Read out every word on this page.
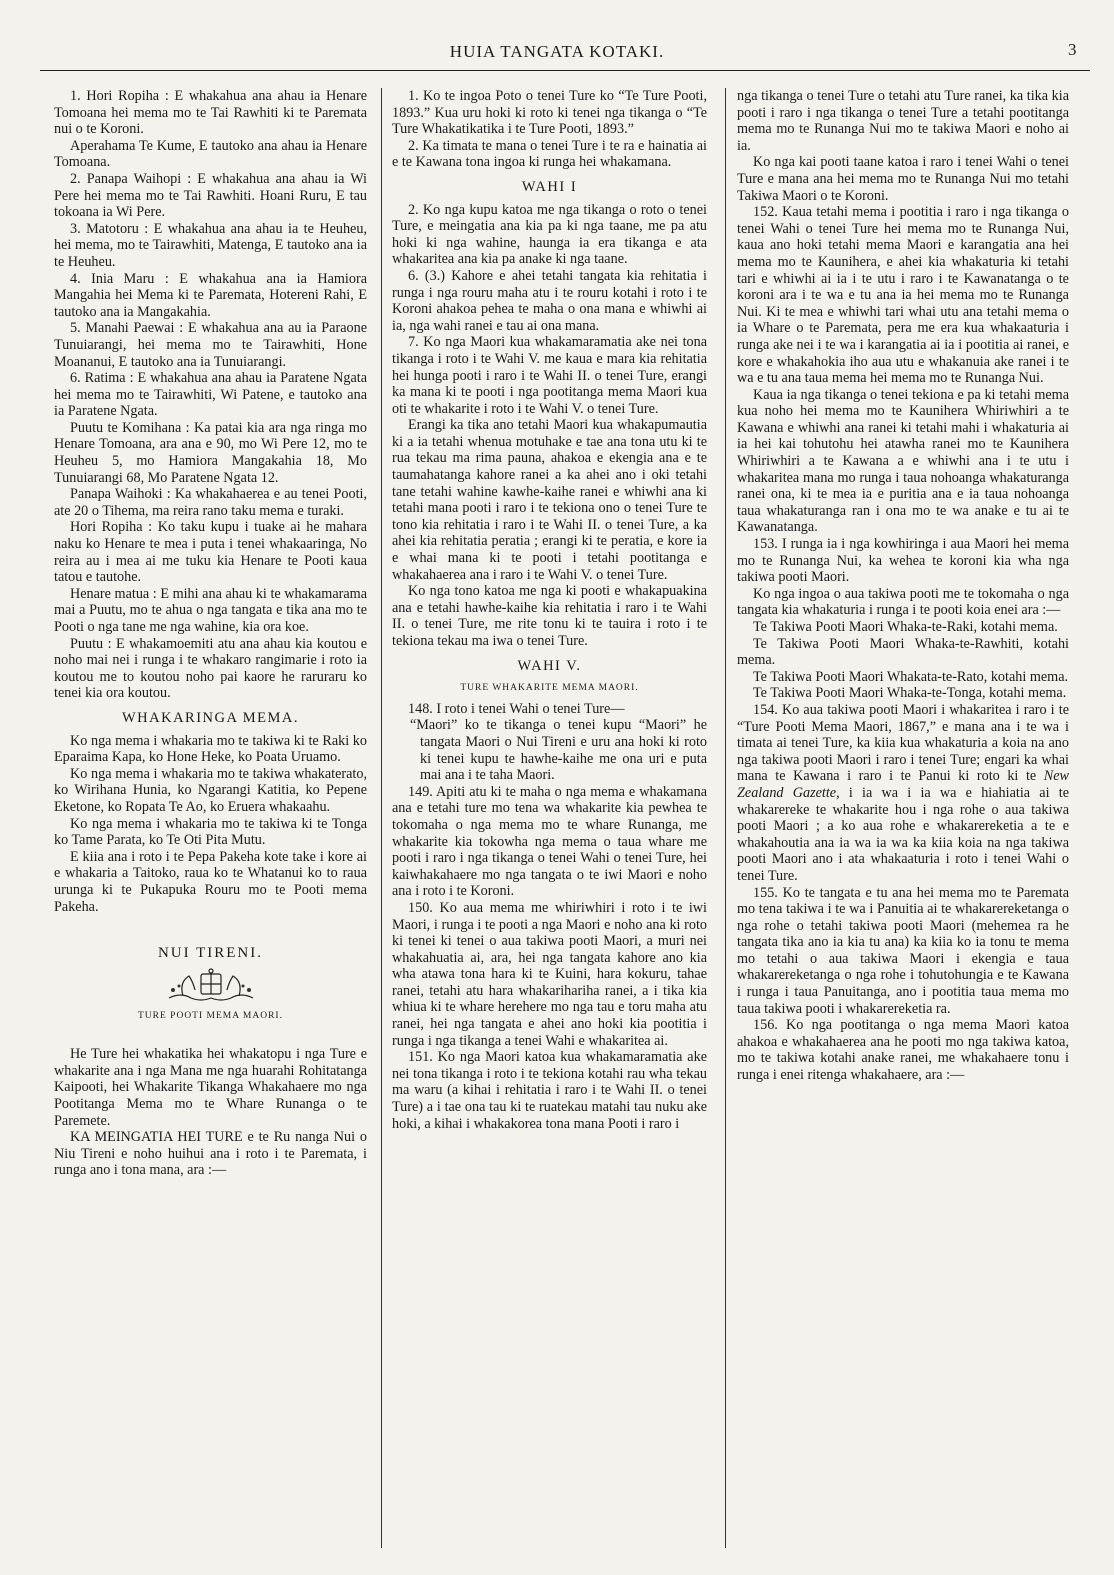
HUIA TANGATA KOTAKI.	3

1. Hori Ropiha : E whakahua ana ahau ia Henare Tomoana hei mema mo te Tai Rawhiti ki te Paremata nui o te Koroni.

Aperahama Te Kume, E tautoko ana ahau ia Henare Tomoana.

2. Panapa Waihopi : E whakahua ana ahau ia Wi Pere hei mema mo te Tai Rawhiti. Hoani Ruru, E tau tokoana ia Wi Pere.

3. Matotoru : E whakahua ana ahau ia te Heuheu, hei mema, mo te Tairawhiti, Matenga, E tautoko ana ia te Heuheu.

4. Inia Maru : E whakahua ana ia Hamiora Mangahia hei Mema ki te Paremata, Hotereni Rahi, E tautoko ana ia Mangakahia.

5. Manahi Paewai : E whakahua ana au ia Paraone Tunuiarangi, hei mema mo te Tairawhiti, Hone Moananui, E tautoko ana ia Tunuiarangi.

6. Ratima : E whakahua ana ahau ia Paratene Ngata hei mema mo te Tairawhiti, Wi Patene, e tautoko ana ia Paratene Ngata.

Puutu te Komihana : Ka patai kia ara nga ringa mo Henare Tomoana, ara ana e 90, mo Wi Pere 12, mo te Heuheu 5, mo Hamiora Mangakahia 18, Mo Tunuiarangi 68, Mo Paratene Ngata 12.

Panapa Waihoki : Ka whakahaerea e au tenei Pooti, ate 20 o Tihema, ma reira rano taku mema e turaki.

Hori Ropiha : Ko taku kupu i tuake ai he mahara naku ko Henare te mea i puta i tenei whakaaringa, No reira au i mea ai me tuku kia Henare te Pooti kaua tatou e tautohe.

Henare matua : E mihi ana ahau ki te whakamarama mai a Puutu, mo te ahua o nga tangata e tika ana mo te Pooti o nga tane me nga wahine, kia ora koe.

Puutu : E whakamoemiti atu ana ahau kia koutou e noho mai nei i runga i te whakaro rangimarie i roto ia koutou me to koutou noho pai kaore he raruraru ko tenei kia ora koutou.

WHAKARINGA MEMA.

Ko nga mema i whakaria mo te takiwa ki te Raki ko Eparaima Kapa, ko Hone Heke, ko Poata Uruamo.

Ko nga mema i whakaria mo te takiwa whakaterato, ko Wirihana Hunia, ko Ngarangi Katitia, ko Pepene Eketone, ko Ropata Te Ao, ko Eruera whakaahu.

Ko nga mema i whakaria mo te takiwa ki te Tonga ko Tame Parata, ko Te Oti Pita Mutu.

E kiia ana i roto i te Pepa Pakeha kote take i kore ai e whakaria a Taitoko, raua ko te Whatanui ko to raua urunga ki te Pukapuka Rouru mo te Pooti mema Pakeha.

NUI TIRENI.

TURE POOTI MEMA MAORI.

He Ture hei whakatika hei whakatopu i nga Ture e whakarite ana i nga Mana me nga huarahi Rohitatanga Kaipooti, hei Whakarite Tikanga Whakahaere mo nga Pootitanga Mema mo te Whare Runanga o te Paremete.

KA MEINGATIA HEI TURE e te Ru nanga Nui o Niu Tireni e noho huihui ana i roto i te Paremata, i runga ano i tona mana, ara :—

1. Ko te ingoa Poto o tenei Ture ko “Te Ture Pooti, 1893.” Kua uru hoki ki roto ki tenei nga tikanga o “Te Ture Whakatikatika i te Ture Pooti, 1893.”

2. Ka timata te mana o tenei Ture i te ra e hainatia ai e te Kawana tona ingoa ki runga hei whakamana.

WAHI I

2. Ko nga kupu katoa me nga tikanga o roto o tenei Ture, e meingatia ana kia pa ki nga taane, me pa atu hoki ki nga wahine, haunga ia era tikanga e ata whakaritea ana kia pa anake ki nga taane.

6. (3.) Kahore e ahei tetahi tangata kia rehitatia i runga i nga rouru maha atu i te rouru kotahi i roto i te Koroni ahakoa pehea te maha o ona mana e whiwhi ai ia, nga wahi ranei e tau ai ona mana.

7. Ko nga Maori kua whakamaramatia ake nei tona tikanga i roto i te Wahi V. me kaua e mara kia rehitatia hei hunga pooti i raro i te Wahi II. o tenei Ture, erangi ka mana ki te pooti i nga pootitanga mema Maori kua oti te whakarite i roto i te Wahi V. o tenei Ture.

Erangi ka tika ano tetahi Maori kua whakapumautia ki a ia tetahi whenua motuhake e tae ana tona utu ki te rua tekau ma rima pauna, ahakoa e ekengia ana e te taumahatanga kahore ranei a ka ahei ano i oki tetahi tane tetahi wahine kawhe-kaihe ranei e whiwhi ana ki tetahi mana pooti i raro i te tekiona ono o tenei Ture te tono kia rehitatia i raro i te Wahi II. o tenei Ture, a ka ahei kia rehitatia peratia ; erangi ki te peratia, e kore ia e whai mana ki te pooti i tetahi pootitanga e whakahaerea ana i raro i te Wahi V. o tenei Ture.

Ko nga tono katoa me nga ki pooti e whakapuakina ana e tetahi hawhe-kaihe kia rehitatia i raro i te Wahi II. o tenei Ture, me rite tonu ki te tauira i roto i te tekiona tekau ma iwa o tenei Ture.

WAHI V.

TURE WHAKARITE MEMA MAORI.

148. I roto i tenei Wahi o tenei Ture—

“Maori” ko te tikanga o tenei kupu “Maori” he tangata Maori o Nui Tireni e uru ana hoki ki roto ki tenei kupu te hawhe-kaihe me ona uri e puta mai ana i te taha Maori.

149. Apiti atu ki te maha o nga mema e whakamana ana e tetahi ture mo tena wa whakarite kia pewhea te tokomaha o nga mema mo te whare Runanga, me whakarite kia tokowha nga mema o taua whare me pooti i raro i nga tikanga o tenei Wahi o tenei Ture, hei kaiwhakahaere mo nga tangata o te iwi Maori e noho ana i roto i te Koroni.

150. Ko aua mema me whiriwhiri i roto i te iwi Maori, i runga i te pooti a nga Maori e noho ana ki roto ki tenei ki tenei o aua takiwa pooti Maori, a muri nei whakahuatia ai, ara, hei nga tangata kahore ano kia wha atawa tona hara ki te Kuini, hara kokuru, tahae ranei, tetahi atu hara whakarihariha ranei, a i tika kia whiua ki te whare herehere mo nga tau e toru maha atu ranei, hei nga tangata e ahei ano hoki kia pootitia i runga i nga tikanga a tenei Wahi e whakaritea ai.

151. Ko nga Maori katoa kua whakamaramatia ake nei tona tikanga i roto i te tekiona kotahi rau wha tekau ma waru (a kihai i rehitatia i raro i te Wahi II. o tenei Ture) a i tae ona tau ki te ruatekau matahi tau nuku ake hoki, a kihai i whakakorea tona mana Pooti i raro i

nga tikanga o tenei Ture o tetahi atu Ture ranei, ka tika kia pooti i raro i nga tikanga o tenei Ture a tetahi pootitanga mema mo te Runanga Nui mo te takiwa Maori e noho ai ia.

Ko nga kai pooti taane katoa i raro i tenei Wahi o tenei Ture e mana ana hei mema mo te Runanga Nui mo tetahi Takiwa Maori o te Koroni.

152. Kaua tetahi mema i pootitia i raro i nga tikanga o tenei Wahi o tenei Ture hei mema mo te Runanga Nui, kaua ano hoki tetahi mema Maori e karangatia ana hei mema mo te Kaunihera, e ahei kia whakaturia ki tetahi tari e whiwhi ai ia i te utu i raro i te Kawanatanga o te koroni ara i te wa e tu ana ia hei mema mo te Runanga Nui. Ki te mea e whiwhi tari whai utu ana tetahi mema o ia Whare o te Paremata, pera me era kua whakaaturia i runga ake nei i te wa i karangatia ai ia i pootitia ai ranei, e kore e whakahokia iho aua utu e whakanuia ake ranei i te wa e tu ana taua mema hei mema mo te Runanga Nui.

Kaua ia nga tikanga o tenei tekiona e pa ki tetahi mema kua noho hei mema mo te Kaunihera Whiriwhiri a te Kawana e whiwhi ana ranei ki tetahi mahi i whakaturia ai ia hei kai tohutohu hei atawha ranei mo te Kaunihera Whiriwhiri a te Kawana a e whiwhi ana i te utu i whakaritea mana mo runga i taua nohoanga whakaturanga ranei ona, ki te mea ia e puritia ana e ia taua nohoanga taua whakaturanga ran i ona mo te wa anake e tu ai te Kawanatanga.

153. I runga ia i nga kowhiringa i aua Maori hei mema mo te Runanga Nui, ka wehea te koroni kia wha nga takiwa pooti Maori.

Ko nga ingoa o aua takiwa pooti me te tokomaha o nga tangata kia whakaturia i runga i te pooti koia enei ara :—

Te Takiwa Pooti Maori Whaka-te-Raki, kotahi mema.

Te Takiwa Pooti Maori Whaka-te-Rawhiti, kotahi mema.

Te Takiwa Pooti Maori Whakata-te-Rato, kotahi mema.

Te Takiwa Pooti Maori Whaka-te-Tonga, kotahi mema.

154. Ko aua takiwa pooti Maori i whakaritea i raro i te “Ture Pooti Mema Maori, 1867,” e mana ana i te wa i timata ai tenei Ture, ka kiia kua whakaturia a koia na ano nga takiwa pooti Maori i raro i tenei Ture; engari ka whai mana te Kawana i raro i te Panui ki roto ki te New Zealand Gazette, i ia wa i ia wa e hiahiatia ai te whakarereke te whakarite hou i nga rohe o aua takiwa pooti Maori ; a ko aua rohe e whakarereketia a te e whakahoutia ana ia wa ia wa ka kiia koia na nga takiwa pooti Maori ano i ata whakaaturia i roto i tenei Wahi o tenei Ture.

155. Ko te tangata e tu ana hei mema mo te Paremata mo tena takiwa i te wa i Panuitia ai te whakarereketanga o nga rohe o tetahi takiwa pooti Maori (mehemea ra he tangata tika ano ia kia tu ana) ka kiia ko ia tonu te mema mo tetahi o aua takiwa Maori i ekengia e taua whakarereketanga o nga rohe i tohutohungia e te Kawana i runga i taua Panuitanga, ano i pootitia taua mema mo taua takiwa pooti i whakarereketia ra.

156. Ko nga pootitanga o nga mema Maori katoa ahakoa e whakahaerea ana he pooti mo nga takiwa katoa, mo te takiwa kotahi anake ranei, me whakahaere tonu i runga i enei ritenga whakahaere, ara :—
